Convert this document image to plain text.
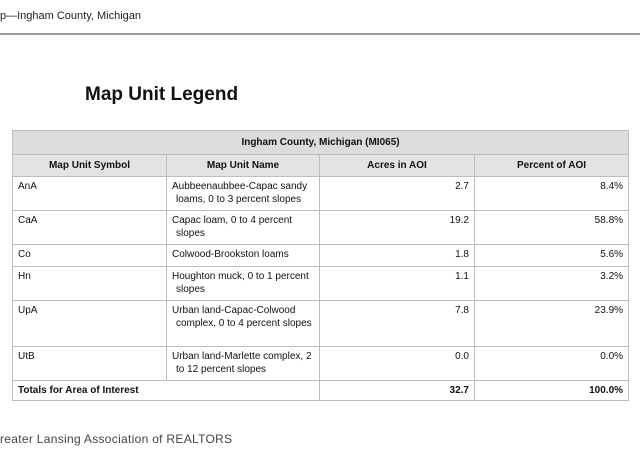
p—Ingham County, Michigan
Map Unit Legend
Ingham County, Michigan (MI065)			
Map Unit Symbol	Map Unit Name	Acres in AOI	Percent of AOI
AnA	Aubbeenaubbee-Capac sandy loams, 0 to 3 percent slopes	2.7	8.4%
CaA	Capac loam, 0 to 4 percent slopes	19.2	58.8%
Co	Colwood-Brookston loams	1.8	5.6%
Hn	Houghton muck, 0 to 1 percent slopes	1.1	3.2%
UpA	Urban land-Capac-Colwood complex, 0 to 4 percent slopes	7.8	23.9%
UtB	Urban land-Marlette complex, 2 to 12 percent slopes	0.0	0.0%
Totals for Area of Interest		32.7	100.0%
reater Lansing Association of REALTORS
